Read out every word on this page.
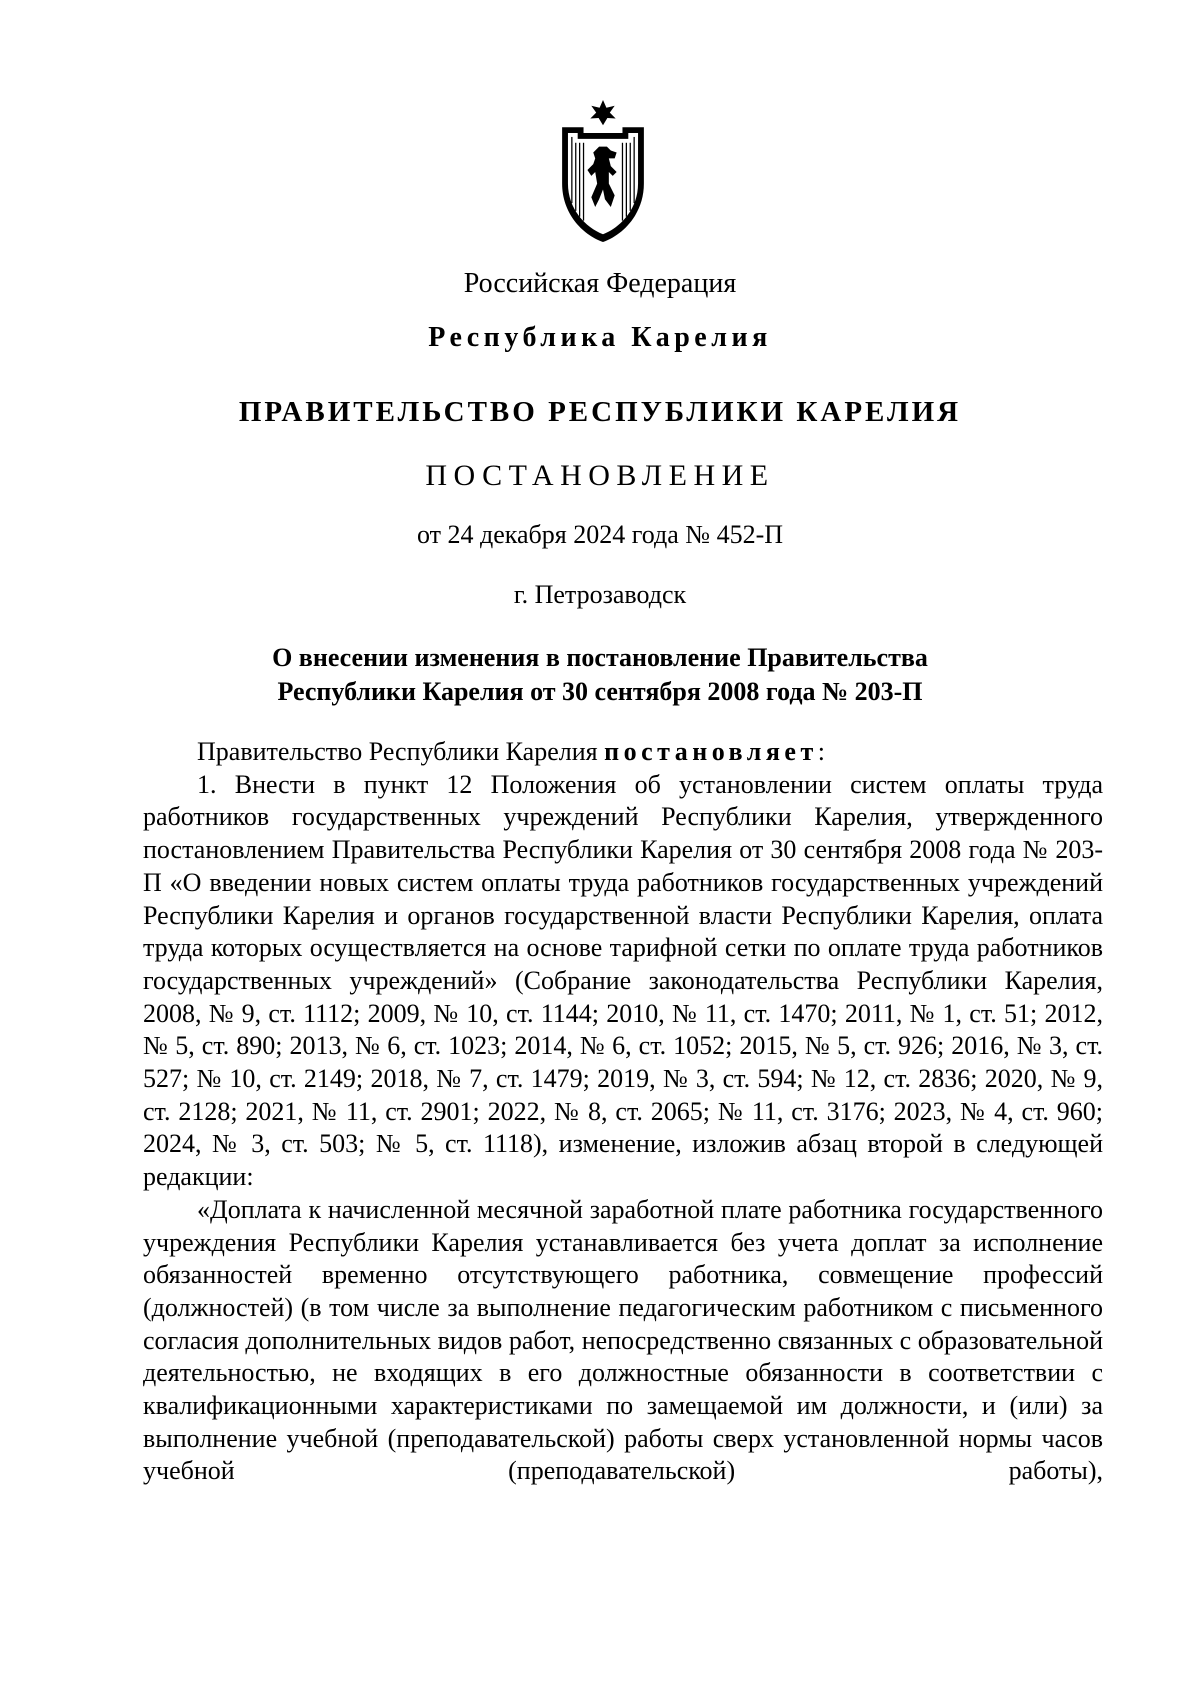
Российская Федерация
Республика Карелия
ПРАВИТЕЛЬСТВО РЕСПУБЛИКИ КАРЕЛИЯ
ПОСТАНОВЛЕНИЕ
от 24 декабря 2024 года № 452-П
г. Петрозаводск
О внесении изменения в постановление Правительства
Республики Карелия от 30 сентября 2008 года № 203-П

Правительство Республики Карелия постановляет:

1. Внести в пункт 12 Положения об установлении систем оплаты труда работников государственных учреждений Республики Карелия, утвержденного постановлением Правительства Республики Карелия от 30 сентября 2008 года № 203-П «О введении новых систем оплаты труда работников государственных учреждений Республики Карелия и органов государственной власти Республики Карелия, оплата труда которых осуществляется на основе тарифной сетки по оплате труда работников государственных учреждений» (Собрание законодательства Республики Карелия, 2008, № 9, ст. 1112; 2009, № 10, ст. 1144; 2010, № 11, ст. 1470; 2011, № 1, ст. 51; 2012, № 5, ст. 890; 2013, № 6, ст. 1023; 2014, № 6, ст. 1052; 2015, № 5, ст. 926; 2016, № 3, ст. 527; № 10, ст. 2149; 2018, № 7, ст. 1479; 2019, № 3, ст. 594; № 12, ст. 2836; 2020, № 9, ст. 2128; 2021, № 11, ст. 2901; 2022, № 8, ст. 2065; № 11, ст. 3176; 2023, № 4, ст. 960; 2024, № 3, ст. 503; № 5, ст. 1118), изменение, изложив абзац второй в следующей редакции:

«Доплата к начисленной месячной заработной плате работника государственного учреждения Республики Карелия устанавливается без учета доплат за исполнение обязанностей временно отсутствующего работника, совмещение профессий (должностей) (в том числе за выполнение педагогическим работником с письменного согласия дополнительных видов работ, непосредственно связанных с образовательной деятельностью, не входящих в его должностные обязанности в соответствии с квалификационными характеристиками по замещаемой им должности, и (или) за выполнение учебной (преподавательской) работы сверх установленной нормы часов учебной (преподавательской) работы),
